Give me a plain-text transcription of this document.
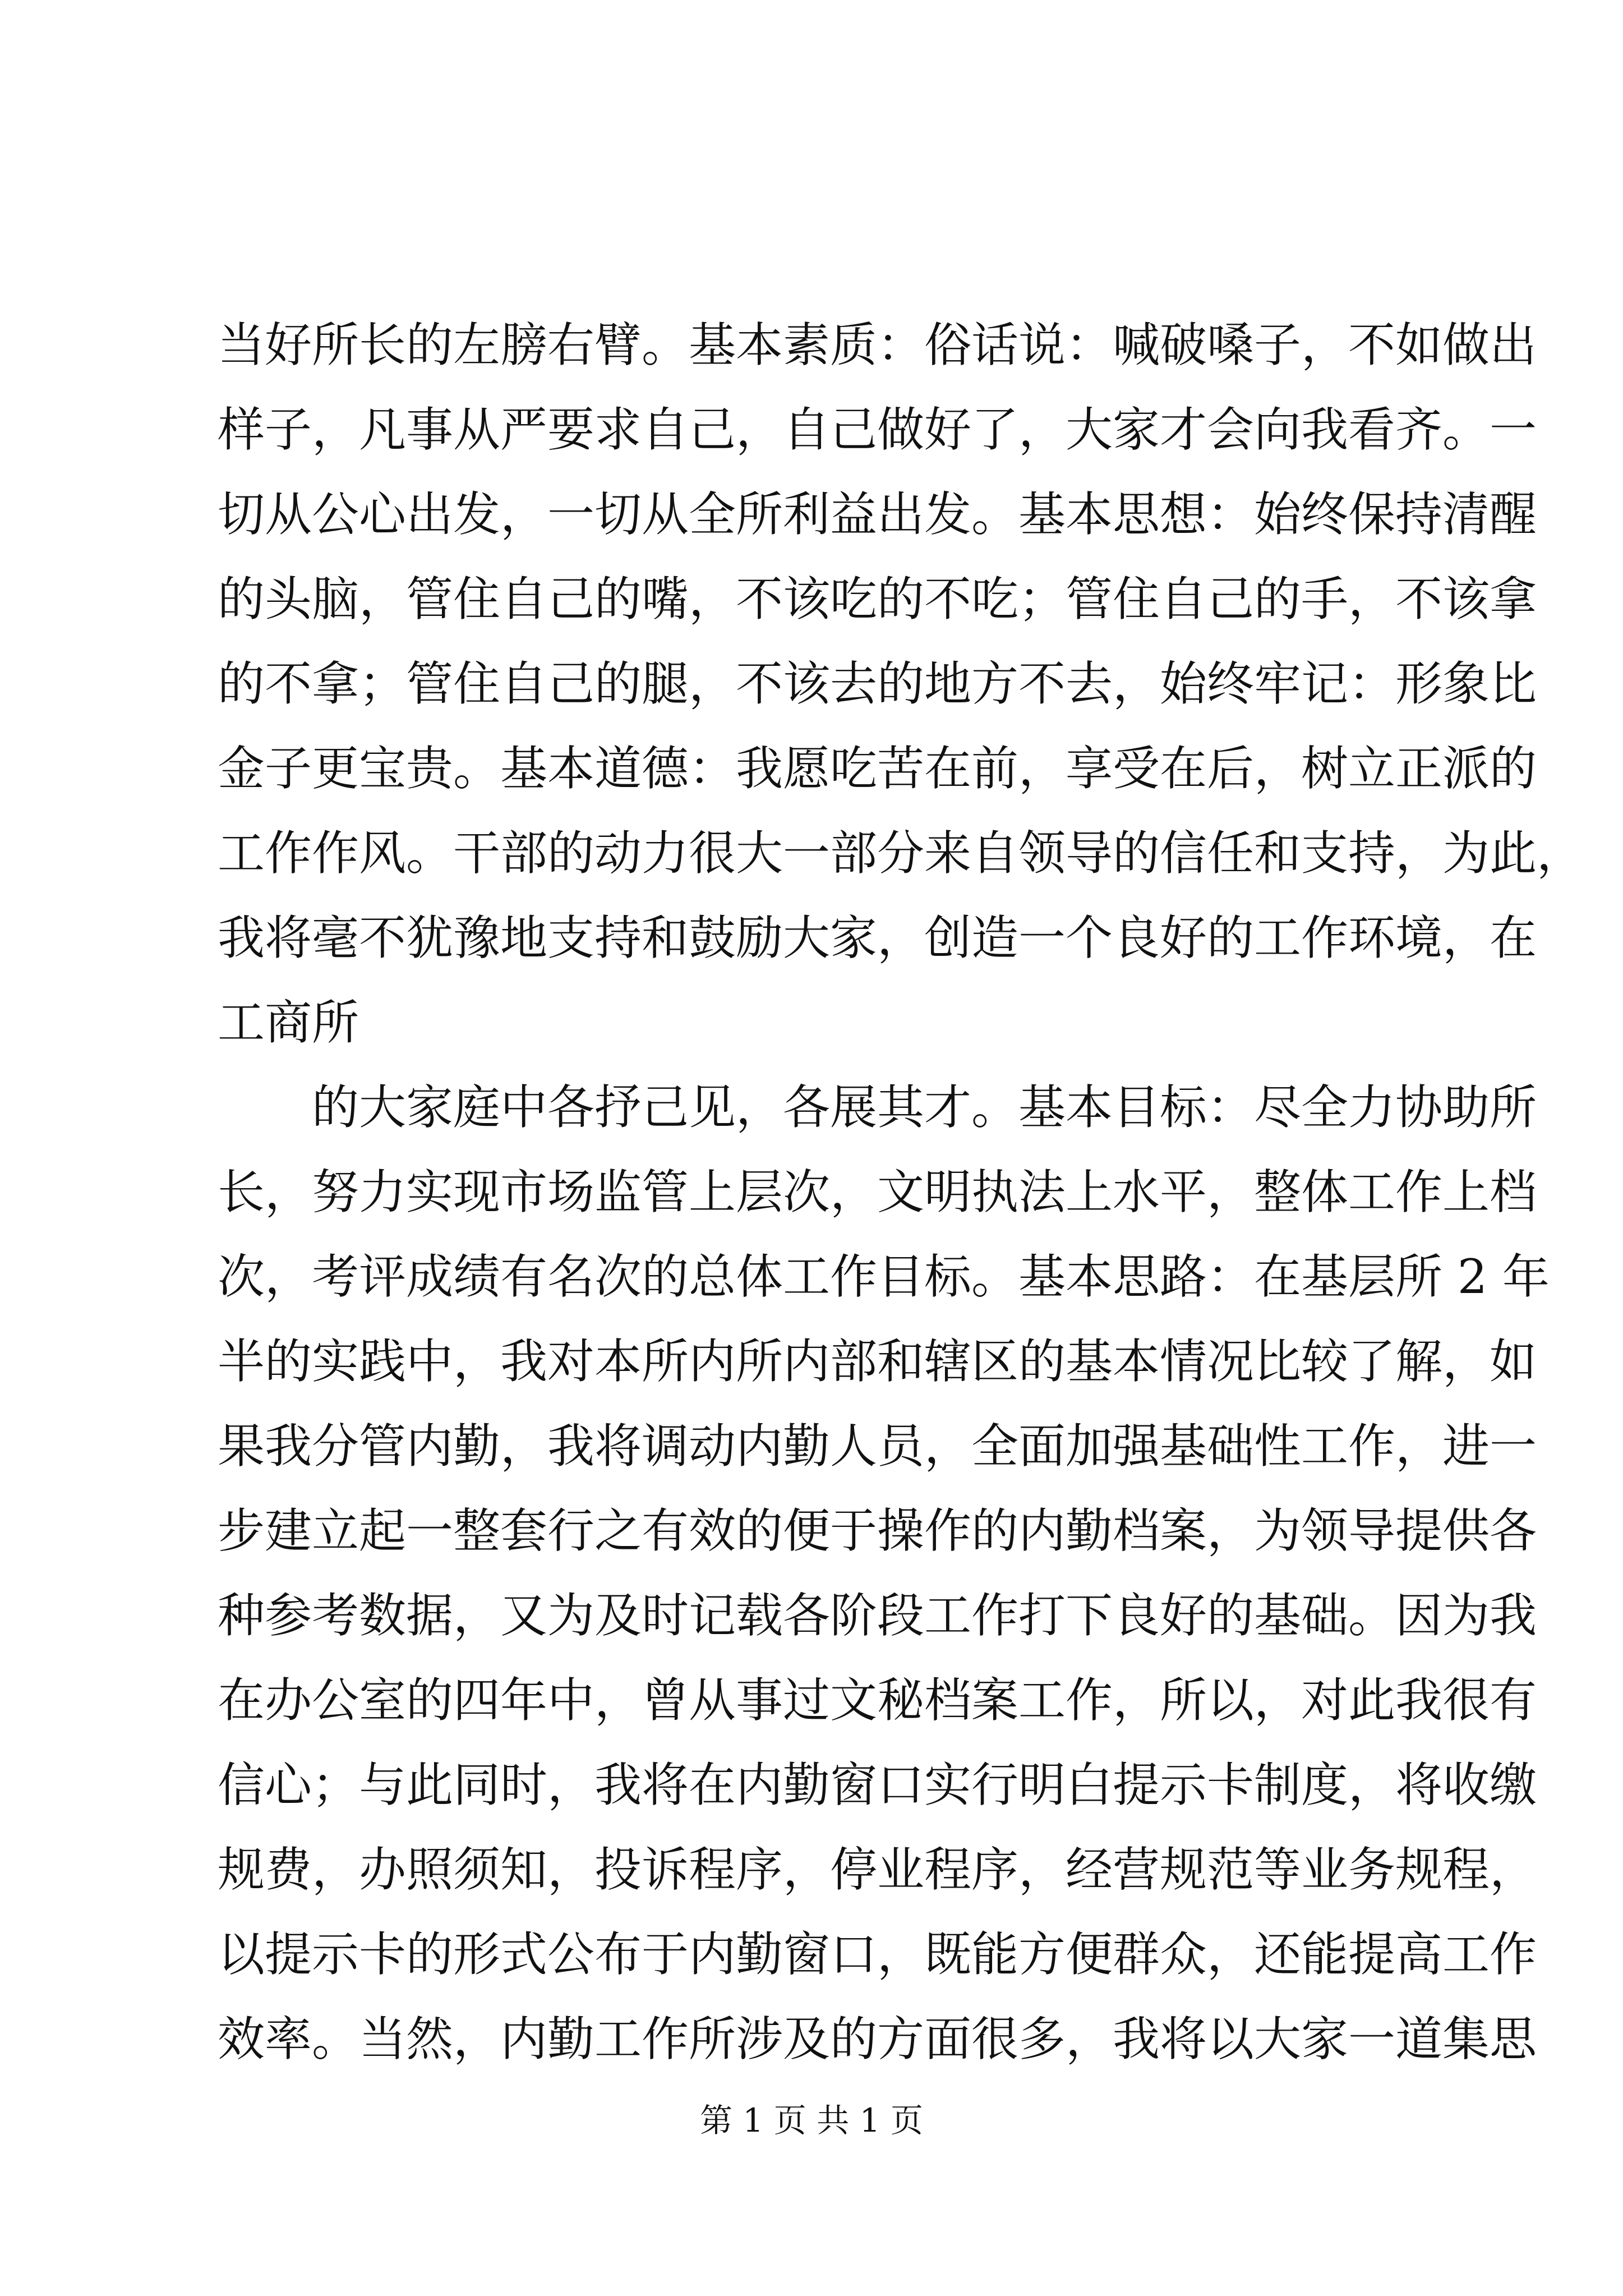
当好所长的左膀右臂。基本素质：俗话说：喊破嗓子，不如做出
样子，凡事从严要求自己，自己做好了，大家才会向我看齐。一
切从公心出发，一切从全所利益出发。基本思想：始终保持清醒
的头脑，管住自己的嘴，不该吃的不吃；管住自己的手，不该拿
的不拿；管住自己的腿，不该去的地方不去，始终牢记：形象比
金子更宝贵。基本道德：我愿吃苦在前，享受在后，树立正派的
工作作风。干部的动力很大一部分来自领导的信任和支持，为此，
我将毫不犹豫地支持和鼓励大家，创造一个良好的工作环境，在
工商所
的大家庭中各抒己见，各展其才。基本目标：尽全力协助所
长，努力实现市场监管上层次，文明执法上水平，整体工作上档
次，考评成绩有名次的总体工作目标。基本思路：在基层所 2 年
半的实践中，我对本所内所内部和辖区的基本情况比较了解，如
果我分管内勤，我将调动内勤人员，全面加强基础性工作，进一
步建立起一整套行之有效的便于操作的内勤档案，为领导提供各
种参考数据，又为及时记载各阶段工作打下良好的基础。因为我
在办公室的四年中，曾从事过文秘档案工作，所以，对此我很有
信心；与此同时，我将在内勤窗口实行明白提示卡制度，将收缴
规费，办照须知，投诉程序，停业程序，经营规范等业务规程，
以提示卡的形式公布于内勤窗口，既能方便群众，还能提高工作
效率。当然，内勤工作所涉及的方面很多，我将以大家一道集思
第 1 页 共 1 页
